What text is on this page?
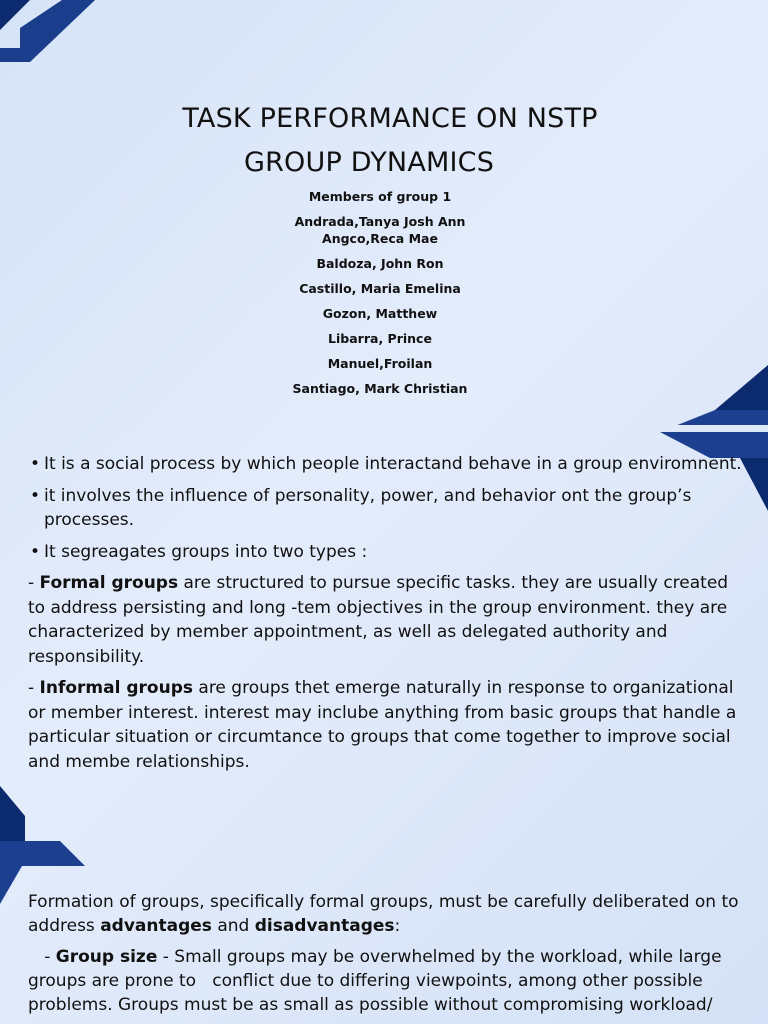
TASK PERFORMANCE ON NSTP
GROUP DYNAMICS
Members of group 1
Andrada,Tanya Josh Ann
Angco,Reca Mae
Baldoza, John Ron
Castillo, Maria Emelina
Gozon, Matthew
Libarra, Prince
Manuel,Froilan
Santiago, Mark Christian
• It is a social process by which people interactand behave in a group enviromnent.
• it involves the influence of personality, power, and behavior ont the group’s processes.
• It segreagates groups into two types :
- Formal groups are structured to pursue specific tasks. they are usually created to address persisting and long -tem objectives in the group environment. they are characterized by member appointment, as well as delegated authority and responsibility.
- Informal groups are groups thet emerge naturally in response to organizational or member interest. interest may inclube anything from basic groups that handle a particular situation or circumtance to groups that come together to improve social and membe relationships.
Formation of groups, specifically formal groups, must be carefully deliberated on to address advantages and disadvantages:
- Group size - Small groups may be overwhelmed by the workload, while large groups are prone to   conflict due to differing viewpoints, among other possible problems. Groups must be as small as possible without compromising workload/
